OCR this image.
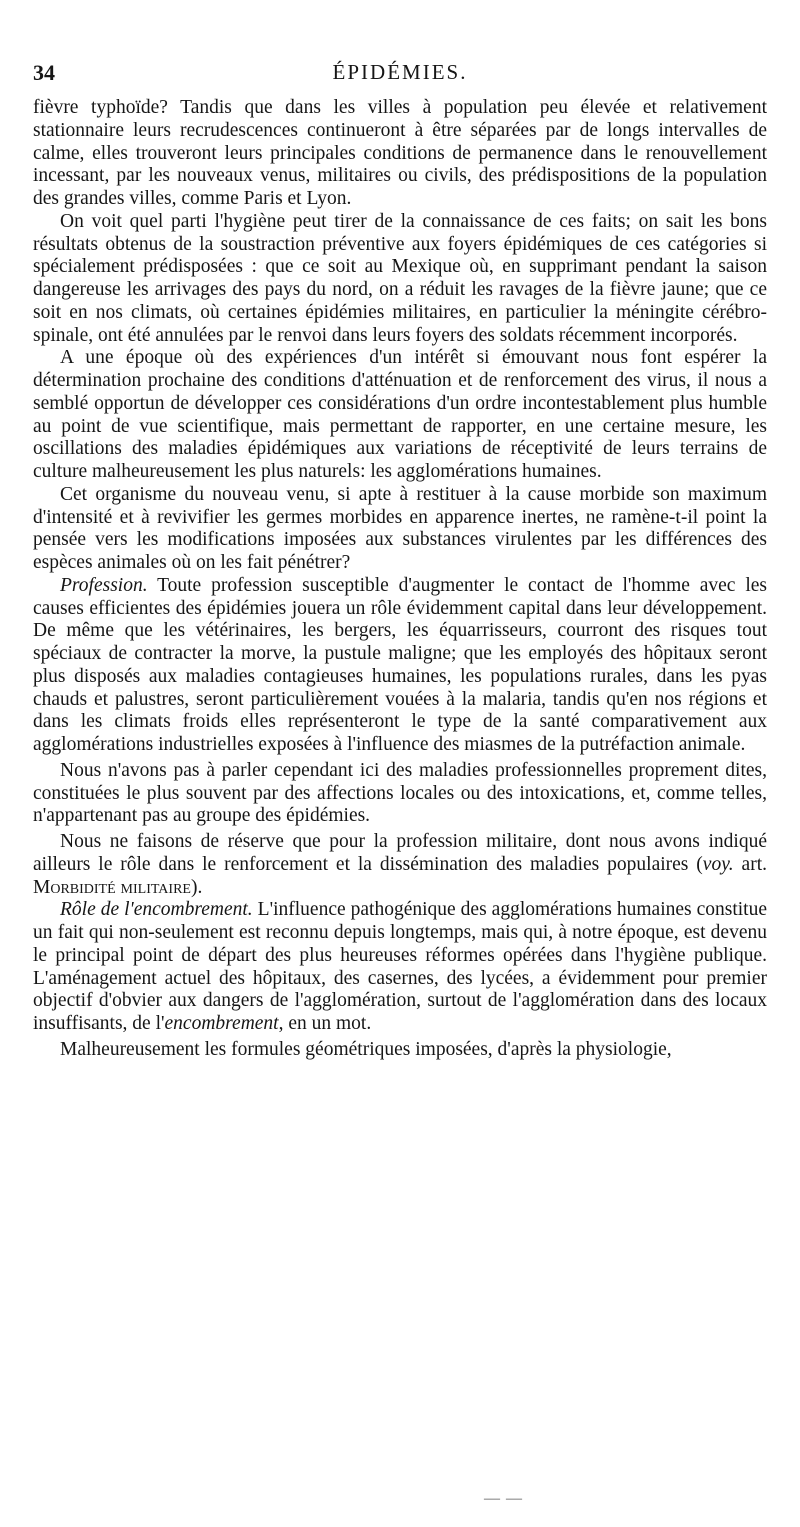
34	ÉPIDÉMIES.

fièvre typhoïde? Tandis que dans les villes à population peu élevée et relativement stationnaire leurs recrudescences continueront à être séparées par de longs intervalles de calme, elles trouveront leurs principales conditions de permanence dans le renouvellement incessant, par les nouveaux venus, militaires ou civils, des prédispositions de la population des grandes villes, comme Paris et Lyon.

On voit quel parti l'hygiène peut tirer de la connaissance de ces faits; on sait les bons résultats obtenus de la soustraction préventive aux foyers épidémiques de ces catégories si spécialement prédisposées : que ce soit au Mexique où, en supprimant pendant la saison dangereuse les arrivages des pays du nord, on a réduit les ravages de la fièvre jaune; que ce soit en nos climats, où certaines épidémies militaires, en particulier la méningite cérébro-spinale, ont été annulées par le renvoi dans leurs foyers des soldats récemment incorporés.

A une époque où des expériences d'un intérêt si émouvant nous font espérer la détermination prochaine des conditions d'atténuation et de renforcement des virus, il nous a semblé opportun de développer ces considérations d'un ordre incontestablement plus humble au point de vue scientifique, mais permettant de rapporter, en une certaine mesure, les oscillations des maladies épidémiques aux variations de réceptivité de leurs terrains de culture malheureusement les plus naturels: les agglomérations humaines.

Cet organisme du nouveau venu, si apte à restituer à la cause morbide son maximum d'intensité et à revivifier les germes morbides en apparence inertes, ne ramène-t-il point la pensée vers les modifications imposées aux substances virulentes par les différences des espèces animales où on les fait pénétrer?

Profession. Toute profession susceptible d'augmenter le contact de l'homme avec les causes efficientes des épidémies jouera un rôle évidemment capital dans leur développement. De même que les vétérinaires, les bergers, les équarrisseurs, courront des risques tout spéciaux de contracter la morve, la pustule maligne; que les employés des hôpitaux seront plus disposés aux maladies contagieuses humaines, les populations rurales, dans les pyas chauds et palustres, seront particulièrement vouées à la malaria, tandis qu'en nos régions et dans les climats froids elles représenteront le type de la santé comparativement aux agglomérations industrielles exposées à l'influence des miasmes de la putréfaction animale.

Nous n'avons pas à parler cependant ici des maladies professionnelles proprement dites, constituées le plus souvent par des affections locales ou des intoxications, et, comme telles, n'appartenant pas au groupe des épidémies.

Nous ne faisons de réserve que pour la profession militaire, dont nous avons indiqué ailleurs le rôle dans le renforcement et la dissémination des maladies populaires (voy. art. Morbidité militaire).

Rôle de l'encombrement. L'influence pathogénique des agglomérations humaines constitue un fait qui non-seulement est reconnu depuis longtemps, mais qui, à notre époque, est devenu le principal point de départ des plus heureuses réformes opérées dans l'hygiène publique. L'aménagement actuel des hôpitaux, des casernes, des lycées, a évidemment pour premier objectif d'obvier aux dangers de l'agglomération, surtout de l'agglomération dans des locaux insuffisants, de l'encombrement, en un mot.

Malheureusement les formules géométriques imposées, d'après la physiologie,

— —
